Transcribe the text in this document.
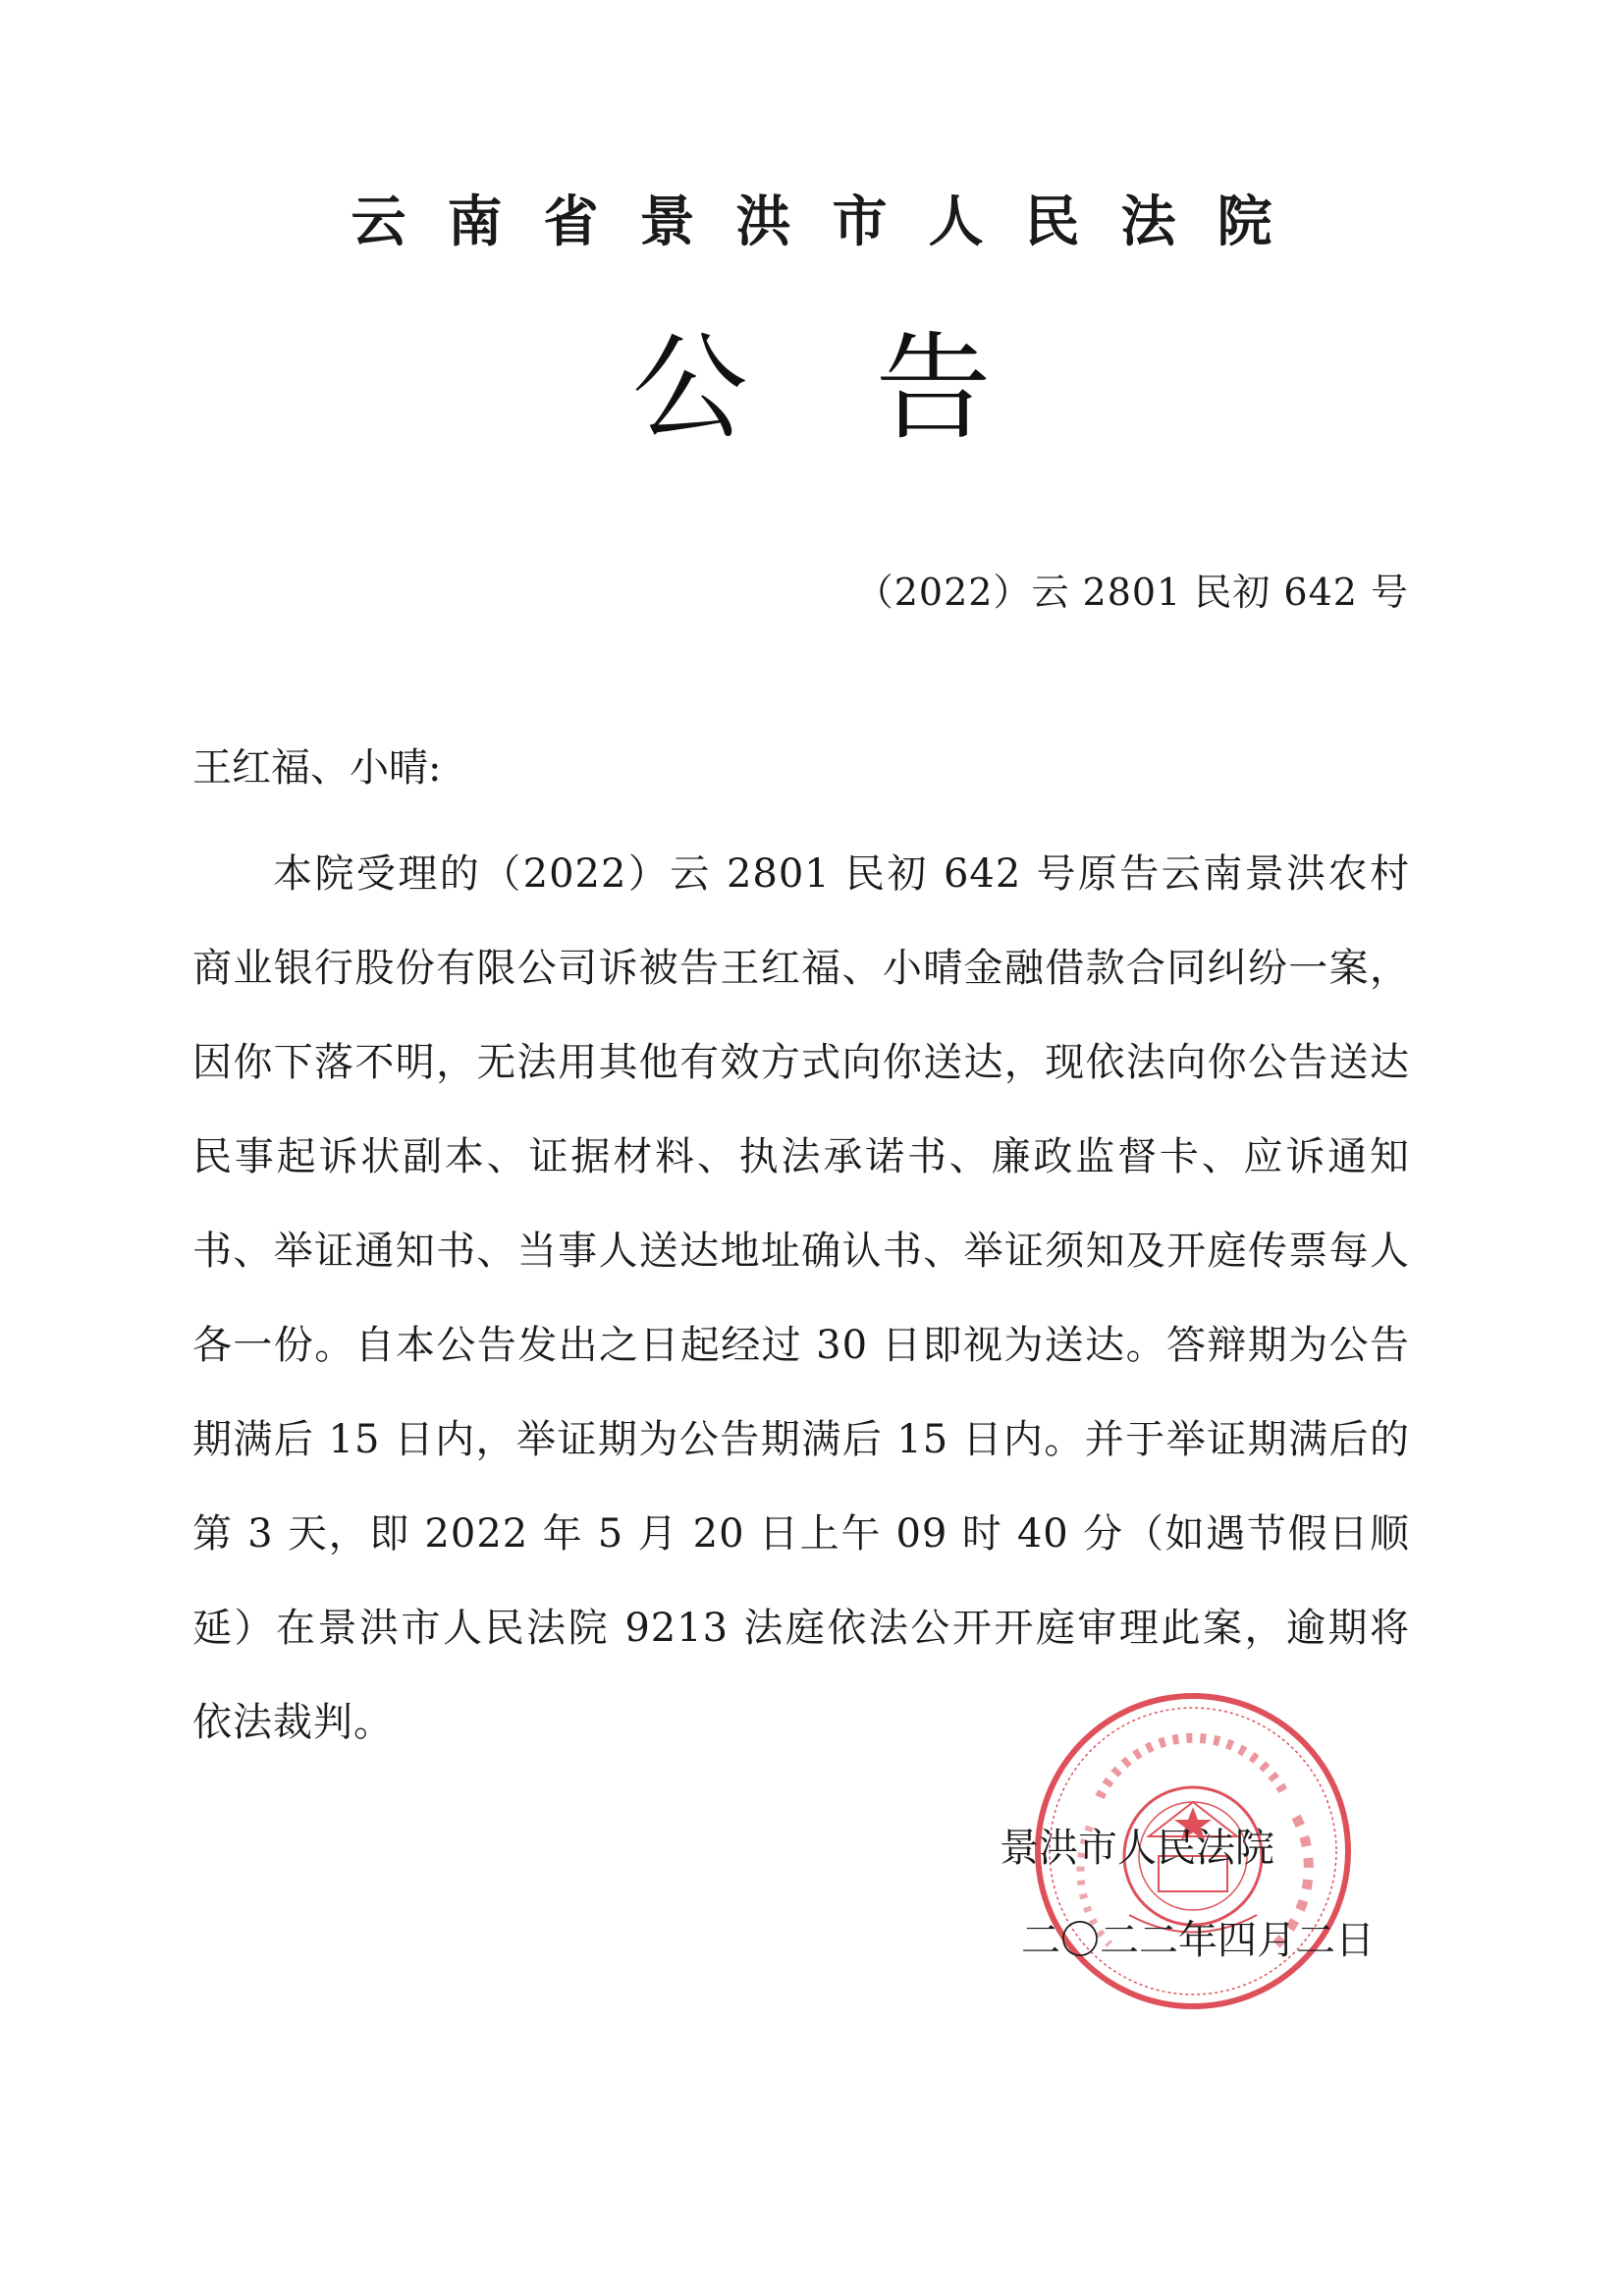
云南省景洪市人民法院
公告
（2022）云 2801 民初 642 号
王红福、小晴:
本院受理的（2022）云 2801 民初 642 号原告云南景洪农村商业银行股份有限公司诉被告王红福、小晴金融借款合同纠纷一案，因你下落不明，无法用其他有效方式向你送达，现依法向你公告送达民事起诉状副本、证据材料、执法承诺书、廉政监督卡、应诉通知书、举证通知书、当事人送达地址确认书、举证须知及开庭传票每人各一份。自本公告发出之日起经过 30 日即视为送达。答辩期为公告期满后 15 日内，举证期为公告期满后 15 日内。并于举证期满后的第 3 天，即 2022 年 5 月 20 日上午 09 时 40 分（如遇节假日顺延）在景洪市人民法院 9213 法庭依法公开开庭审理此案，逾期将依法裁判。
景洪市人民法院
二〇二二年四月二日
